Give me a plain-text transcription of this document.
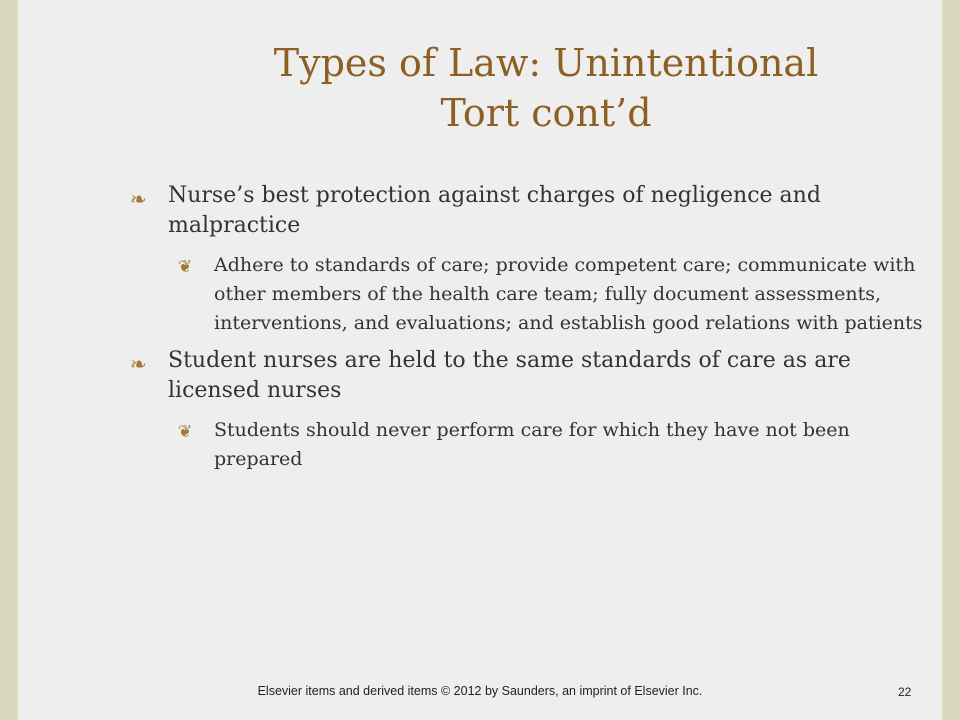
Types of Law: Unintentional
Tort cont’d
❧ Nurse’s best protection against charges of negligence and malpractice
❦ Adhere to standards of care; provide competent care; communicate with other members of the health care team; fully document assessments, interventions, and evaluations; and establish good relations with patients
❧ Student nurses are held to the same standards of care as are licensed nurses
❦ Students should never perform care for which they have not been prepared
Elsevier items and derived items © 2012 by Saunders, an imprint of Elsevier Inc.	22
